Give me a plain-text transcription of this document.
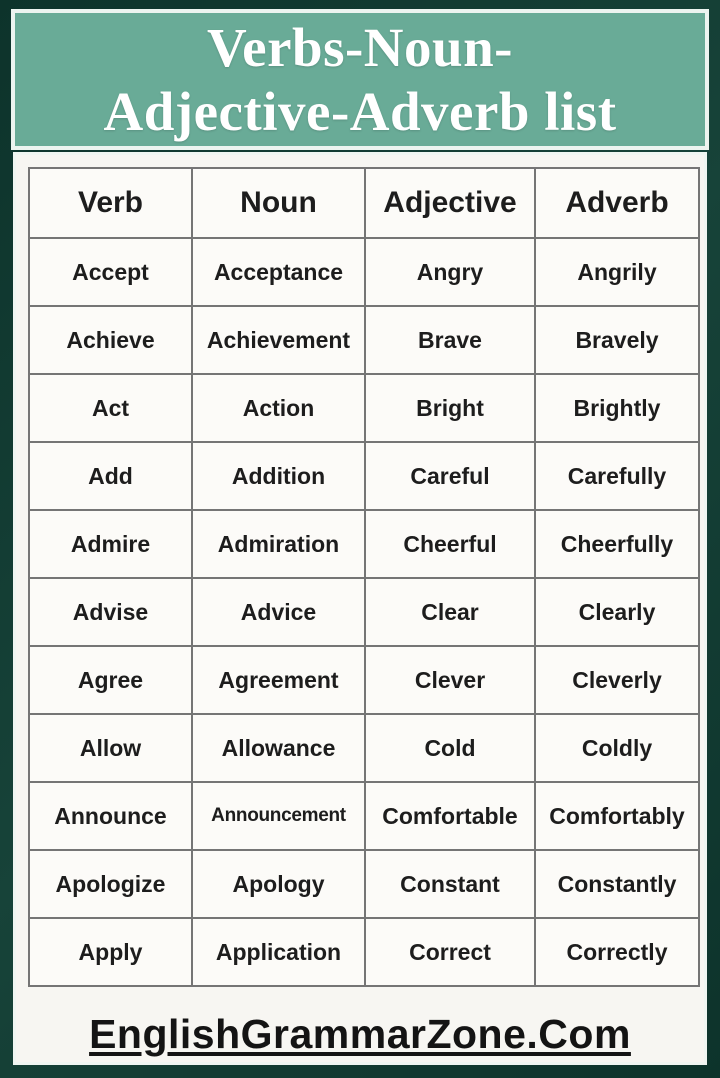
Verbs-Noun-
Adjective-Adverb list
Verb	Noun	Adjective	Adverb
Accept	Acceptance	Angry	Angrily
Achieve	Achievement	Brave	Bravely
Act	Action	Bright	Brightly
Add	Addition	Careful	Carefully
Admire	Admiration	Cheerful	Cheerfully
Advise	Advice	Clear	Clearly
Agree	Agreement	Clever	Cleverly
Allow	Allowance	Cold	Coldly
Announce	Announcement	Comfortable	Comfortably
Apologize	Apology	Constant	Constantly
Apply	Application	Correct	Correctly
EnglishGrammarZone.Com
